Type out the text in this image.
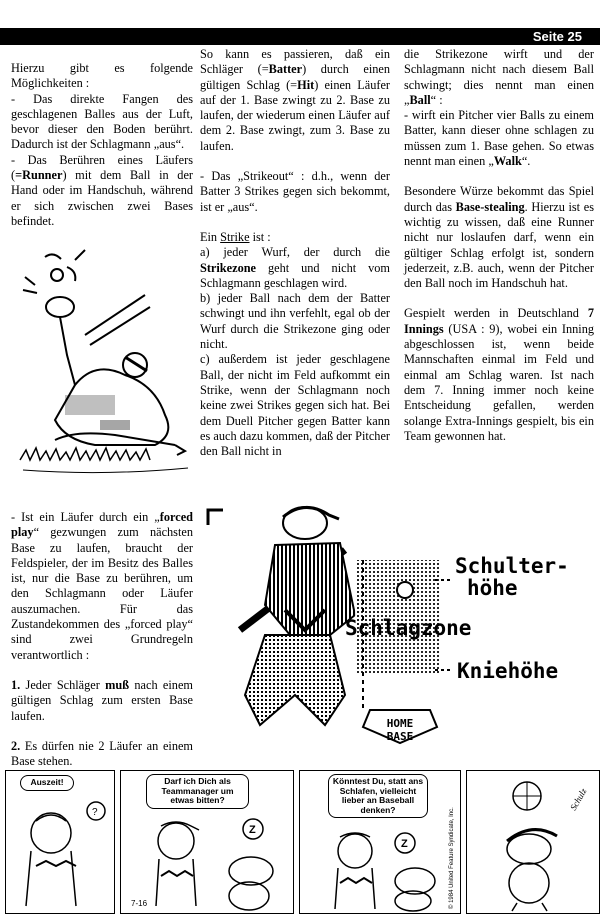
Seite 25

Hierzu gibt es folgende Möglichkeiten :

- Das direkte Fangen des geschlagenen Balles aus der Luft, bevor dieser den Boden berührt. Dadurch ist der Schlagmann „aus“.

- Das Berühren eines Läufers (=Runner) mit dem Ball in der Hand oder im Handschuh, während er sich zwischen zwei Bases befindet.

- Ist ein Läufer durch ein „forced play“ gezwungen zum nächsten Base zu laufen, braucht der Feldspieler, der im Besitz des Balles ist, nur die Base zu berühren, um den Schlagmann oder Läufer auszumachen. Für das Zustandekommen des „forced play“ sind zwei Grundregeln verantwortlich :

1. Jeder Schläger muß nach einem gültigen Schlag zum ersten Base laufen.

2. Es dürfen nie 2 Läufer an einem Base stehen.

So kann es passieren, daß ein Schläger (=Batter) durch einen gültigen Schlag (=Hit) einen Läufer auf der 1. Base zwingt zu 2. Base zu laufen, der wiederum einen Läufer auf dem 2. Base zwingt, zum 3. Base zu laufen.

- Das „Strikeout“ : d.h., wenn der Batter 3 Strikes gegen sich bekommt, ist er „aus“.

Ein Strike ist :

a) jeder Wurf, der durch die Strikezone geht und nicht vom Schlagmann geschlagen wird.

b) jeder Ball nach dem der Batter schwingt und ihn verfehlt, egal ob der Wurf durch die Strikezone ging oder nicht.

c) außerdem ist jeder geschlagene Ball, der nicht im Feld aufkommt ein Strike, wenn der Schlagmann noch keine zwei Strikes gegen sich hat. Bei dem Duell Pitcher gegen Batter kann es auch dazu kommen, daß der Pitcher den Ball nicht in

die Strikezone wirft und der Schlagmann nicht nach diesem Ball schwingt; dies nennt man einen „Ball“ :

- wirft ein Pitcher vier Balls zu einem Batter, kann dieser ohne schlagen zu müssen zum 1. Base gehen. So etwas nennt man einen „Walk“.

Besondere Würze bekommt das Spiel durch das Base-stealing. Hierzu ist es wichtig zu wissen, daß eine Runner nicht nur loslaufen darf, wenn ein gültiger Schlag erfolgt ist, sondern jederzeit, z.B. auch, wenn der Pitcher den Ball noch im Handschuh hat.

Gespielt werden in Deutschland 7 Innings (USA : 9), wobei ein Inning abgeschlossen ist, wenn beide Mannschaften einmal im Feld und einmal am Schlag waren. Ist nach dem 7. Inning immer noch keine Entscheidung gefallen, werden solange Extra-Innings gespielt, bis ein Team gewonnen hat.

HOME
BASE
Schulter-
höhe
Schlagzone
Kniehöhe
Auszeit!
?
Darf ich Dich als Teammanager um etwas bitten?
Z
7-16
Könntest Du, statt ans Schlafen, vielleicht lieber an Baseball denken?
Z	© 1984 United Feature Syndicate, Inc.
Schulz
